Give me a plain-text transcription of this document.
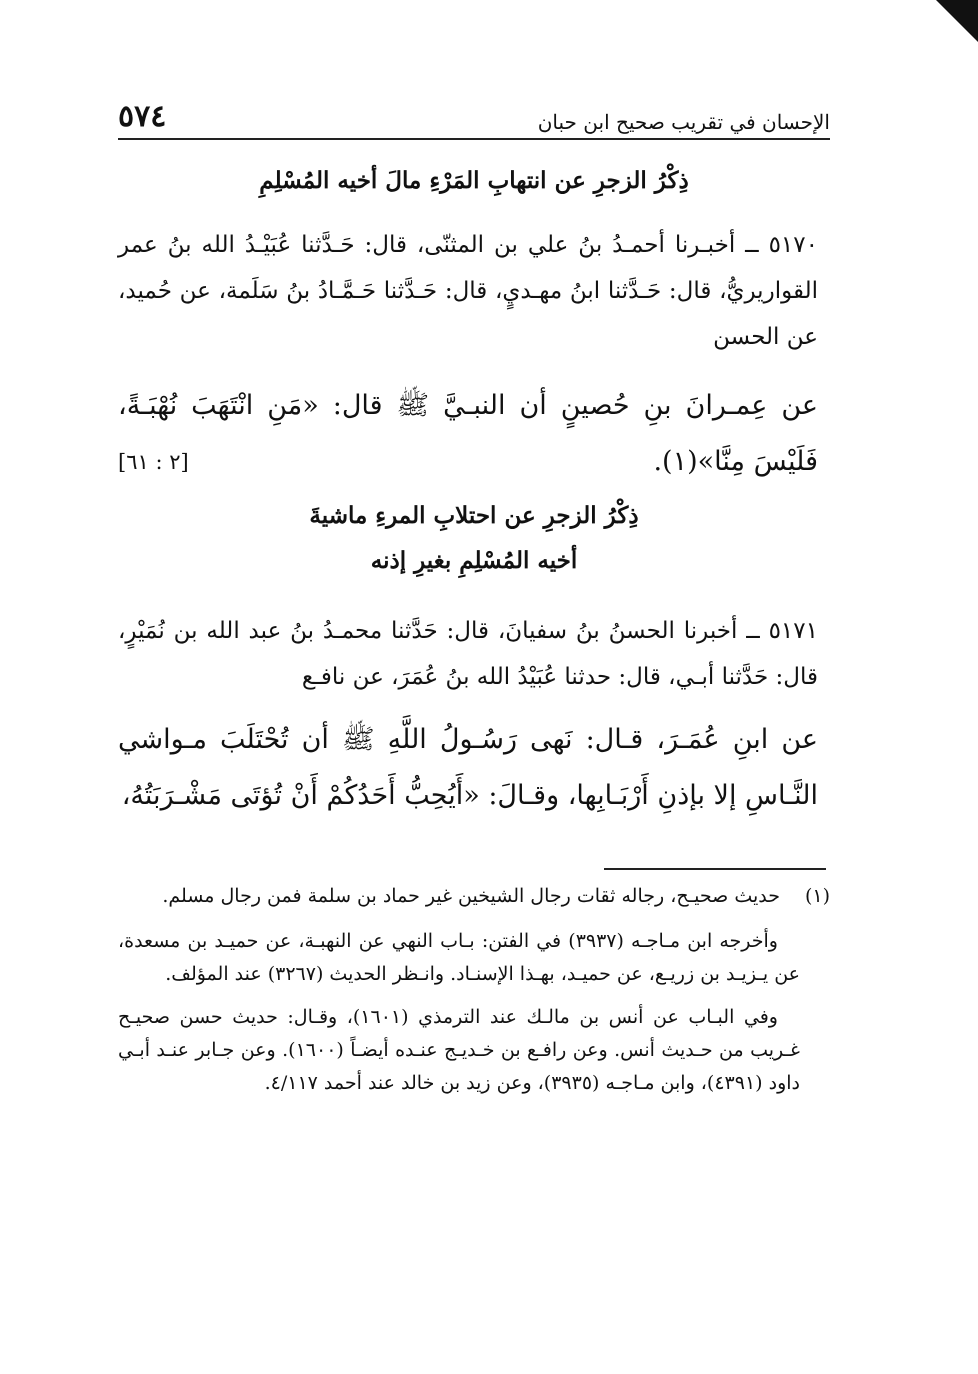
الإحسان في تقريب صحيح ابن حبان
٥٧٤
ذِكْرُ الزجرِ عن انتهابِ المَرْءِ مالَ أخيه المُسْلِمِ
٥١٧٠ ــ أخبـرنا أحمـدُ بنُ علي بن المثنّى، قال: حَـدَّثنا عُبَيْـدُ الله بنُ عمر القواريريُّ، قال: حَـدَّثنا ابنُ مهـديٍ، قال: حَـدَّثنا حَـمَّـادُ بنُ سَلَمة، عن حُميد، عن الحسن
عن عِمـرانَ بنِ حُصينٍ أن النبـيَّ ﷺ قال: «مَنِ انْتَهَبَ نُهْبَـةً، فَلَيْسَ مِنَّا»(١).
[٢ : ٦١]
ذِكْرُ الزجرِ عن احتلابِ المرءِ ماشيةَ
أخيه المُسْلِمِ بغيرِ إذنه
٥١٧١ ــ أخبرنا الحسنُ بنُ سفيانَ، قال: حَدَّثنا محمـدُ بنُ عبد الله بن نُمَيْرٍ، قال: حَدَّثنا أبـي، قال: حدثنا عُبَيْدُ الله بنُ عُمَرَ، عن نافـع
عن ابنِ عُمَـرَ، قـال: نَهى رَسُـولُ اللَّهِ ﷺ أن تُحْتَلَبَ مـواشي النَّـاسِ إلا بإذنِ أَرْبَـابِها، وقـالَ: «أَيُحِبُّ أَحَدُكُمْ أَنْ تُؤتَى مَشْـرَبَتُهُ،
(١)
حديث صحيـح، رجاله ثقات رجال الشيخين غير حماد بن سلمة فمن رجال مسلم.
وأخرجه ابن مـاجـه (٣٩٣٧) في الفتن: بـاب النهي عن النهبـة، عن حميـد بن مسعدة، عن يـزيـد بن زريـع، عن حميـد، بهـذا الإسنـاد. وانـظر الحديث (٣٢٦٧) عند المؤلف.
وفي البـاب عن أنس بن مالـك عند الترمذي (١٦٠١)، وقـال: حديث حسن صحيـح غـريب من حـديث أنس. وعن رافـع بن خـديـج عنـده أيضـاً (١٦٠٠). وعن جـابر عنـد أبـي داود (٤٣٩١)، وابن مـاجـه (٣٩٣٥)، وعن زيد بن خالد عند أحمد ٤/١١٧.
